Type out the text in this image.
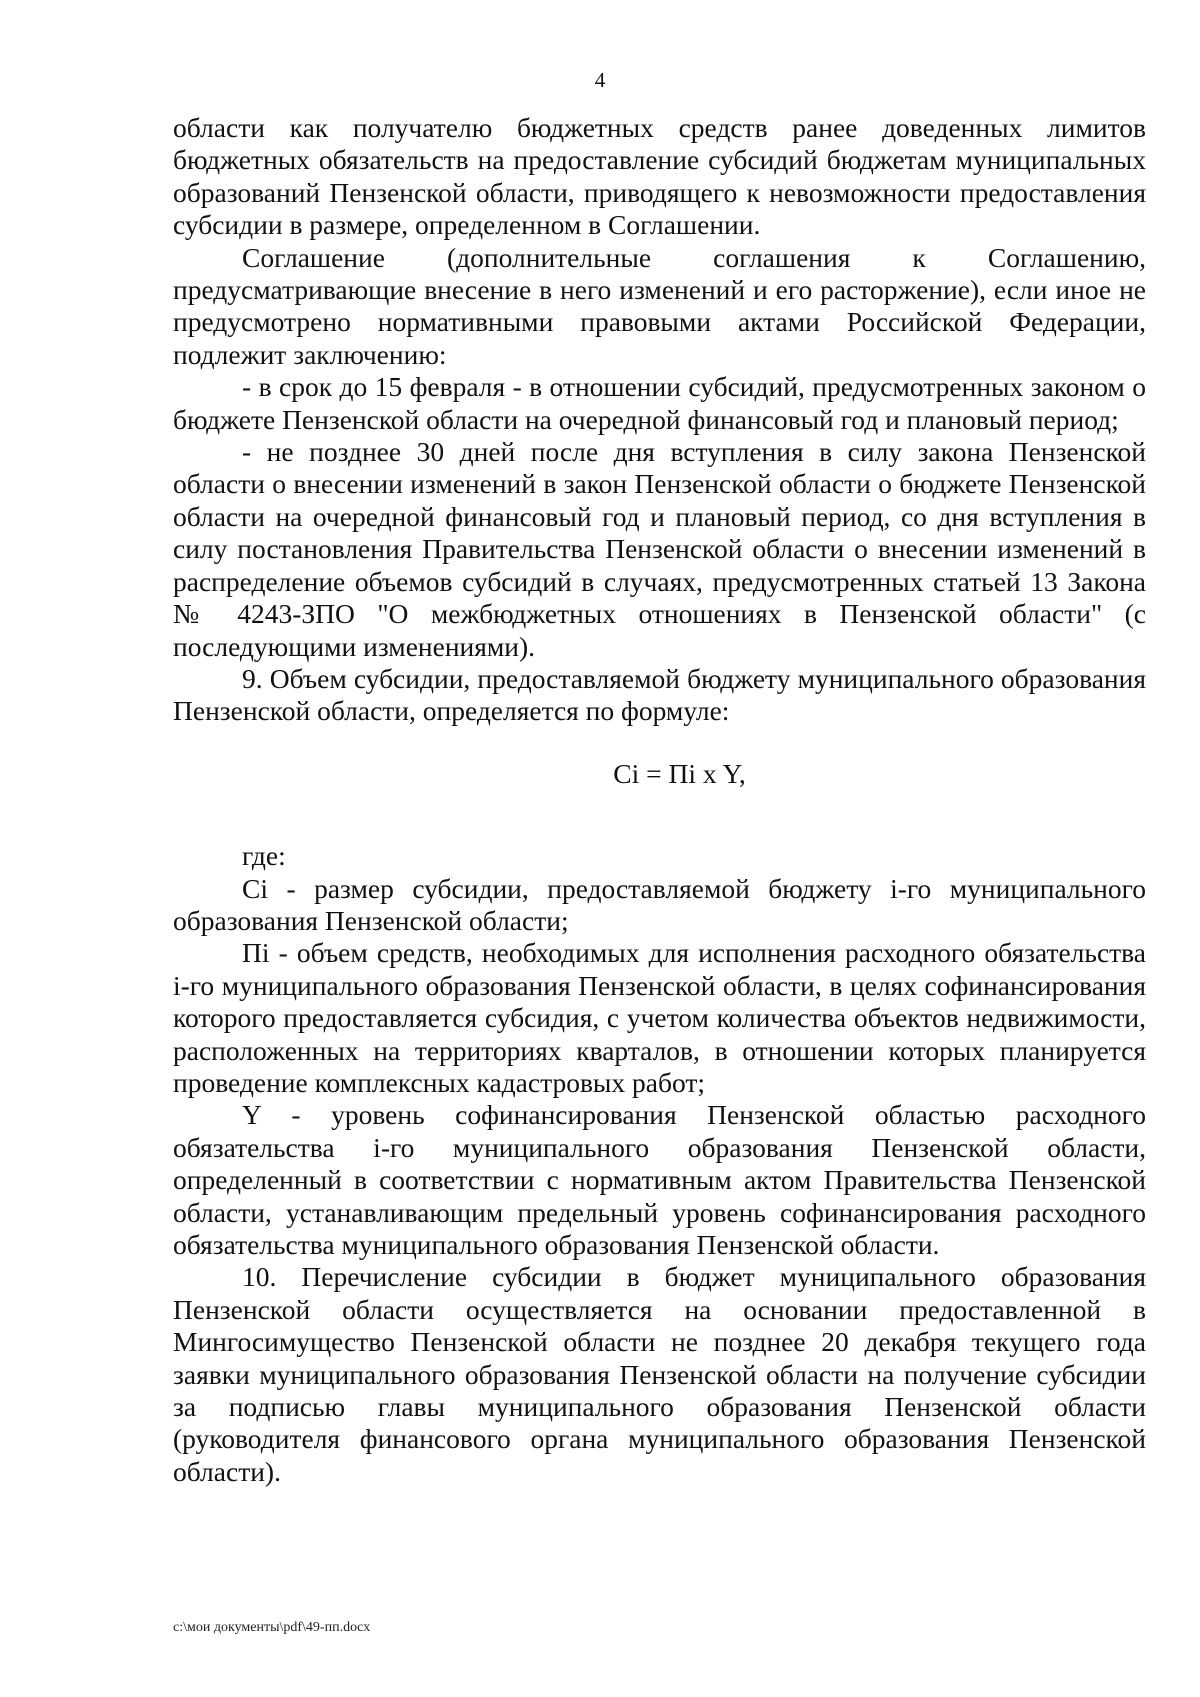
4

области как получателю бюджетных средств ранее доведенных лимитов бюджетных обязательств на предоставление субсидий бюджетам муниципальных образований Пензенской области, приводящего к невозможности предоставления субсидии в размере, определенном в Соглашении.

Соглашение (дополнительные соглашения к Соглашению, предусматривающие внесение в него изменений и его расторжение), если иное не предусмотрено нормативными правовыми актами Российской Федерации, подлежит заключению:

- в срок до 15 февраля - в отношении субсидий, предусмотренных законом о бюджете Пензенской области на очередной финансовый год и плановый период;

- не позднее 30 дней после дня вступления в силу закона Пензенской области о внесении изменений в закон Пензенской области о бюджете Пензенской области на очередной финансовый год и плановый период, со дня вступления в силу постановления Правительства Пензенской области о внесении изменений в распределение объемов субсидий в случаях, предусмотренных статьей 13 Закона № 4243-ЗПО "О межбюджетных отношениях в Пензенской области" (с последующими изменениями).

9. Объем субсидии, предоставляемой бюджету муниципального образования Пензенской области, определяется по формуле:

Ci = Пi x Y,

где:

Ci - размер субсидии, предоставляемой бюджету i-го муниципального образования Пензенской области;

Пi - объем средств, необходимых для исполнения расходного обязательства i-го муниципального образования Пензенской области, в целях софинансирования которого предоставляется субсидия, с учетом количества объектов недвижимости, расположенных на территориях кварталов, в отношении которых планируется проведение комплексных кадастровых работ;

Y - уровень софинансирования Пензенской областью расходного обязательства i-го муниципального образования Пензенской области, определенный в соответствии с нормативным актом Правительства Пензенской области, устанавливающим предельный уровень софинансирования расходного обязательства муниципального образования Пензенской области.

10. Перечисление субсидии в бюджет муниципального образования Пензенской области осуществляется на основании предоставленной в Мингосимущество Пензенской области не позднее 20 декабря текущего года заявки муниципального образования Пензенской области на получение субсидии за подписью главы муниципального образования Пензенской области (руководителя финансового органа муниципального образования Пензенской области).

c:\мои документы\pdf\49-пп.docx
